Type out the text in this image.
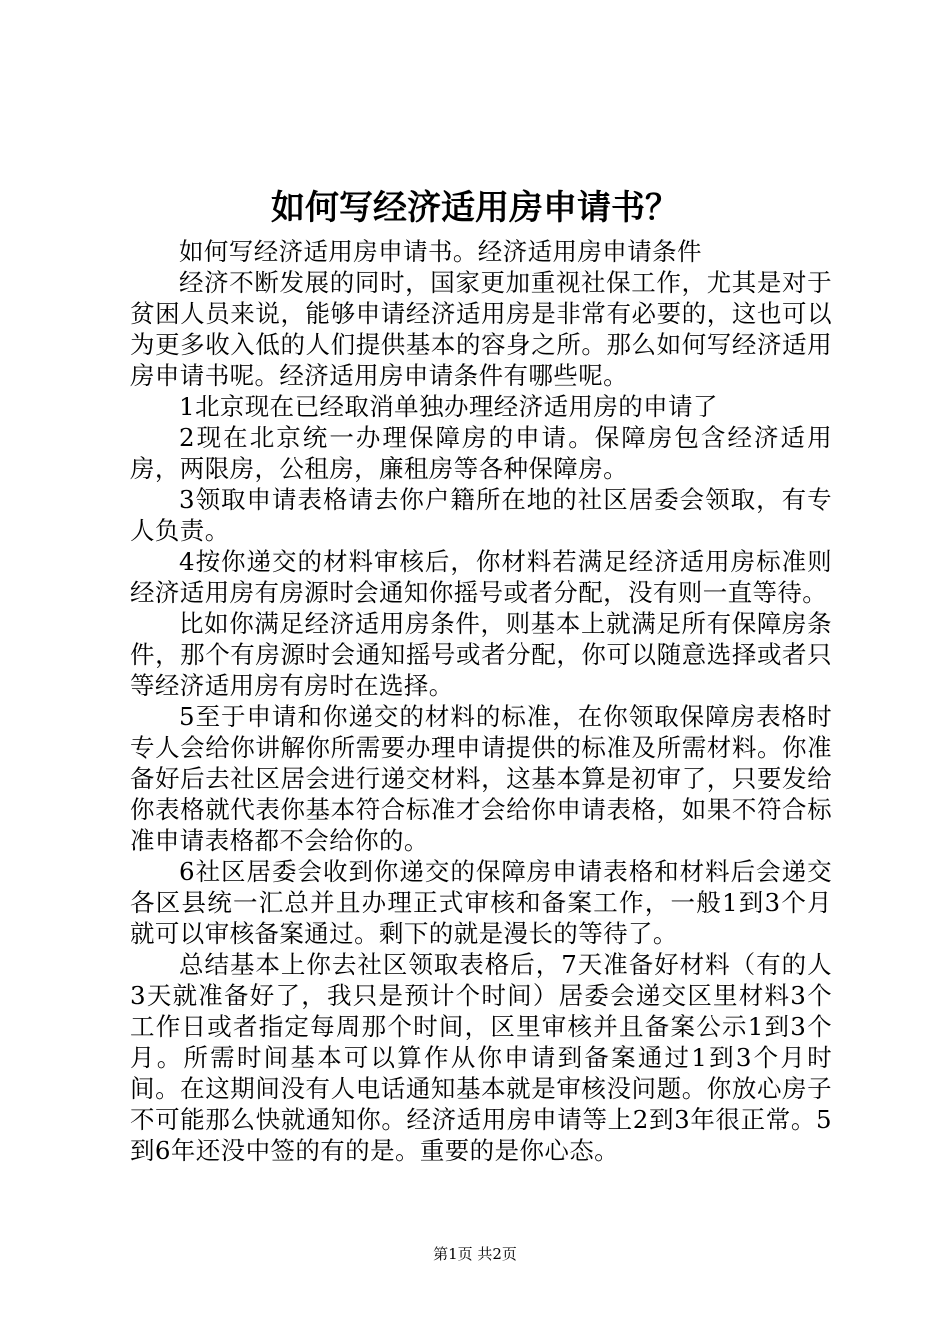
如何写经济适用房申请书？

如何写经济适用房申请书。经济适用房申请条件

经济不断发展的同时，国家更加重视社保工作，尤其是对于贫困人员来说，能够申请经济适用房是非常有必要的，这也可以为更多收入低的人们提供基本的容身之所。那么如何写经济适用房申请书呢。经济适用房申请条件有哪些呢。

1北京现在已经取消单独办理经济适用房的申请了

2现在北京统一办理保障房的申请。保障房包含经济适用房，两限房，公租房，廉租房等各种保障房。

3领取申请表格请去你户籍所在地的社区居委会领取，有专人负责。

4按你递交的材料审核后，你材料若满足经济适用房标准则经济适用房有房源时会通知你摇号或者分配，没有则一直等待。

比如你满足经济适用房条件，则基本上就满足所有保障房条件，那个有房源时会通知摇号或者分配，你可以随意选择或者只等经济适用房有房时在选择。

5至于申请和你递交的材料的标准，在你领取保障房表格时专人会给你讲解你所需要办理申请提供的标准及所需材料。你准备好后去社区居会进行递交材料，这基本算是初审了，只要发给你表格就代表你基本符合标准才会给你申请表格，如果不符合标准申请表格都不会给你的。

6社区居委会收到你递交的保障房申请表格和材料后会递交各区县统一汇总并且办理正式审核和备案工作，一般1到3个月就可以审核备案通过。剩下的就是漫长的等待了。

总结基本上你去社区领取表格后，7天准备好材料（有的人3天就准备好了，我只是预计个时间）居委会递交区里材料3个工作日或者指定每周那个时间，区里审核并且备案公示1到3个月。所需时间基本可以算作从你申请到备案通过1到3个月时间。在这期间没有人电话通知基本就是审核没问题。你放心房子不可能那么快就通知你。经济适用房申请等上2到3年很正常。5到6年还没中签的有的是。重要的是你心态。

第1页 共2页
